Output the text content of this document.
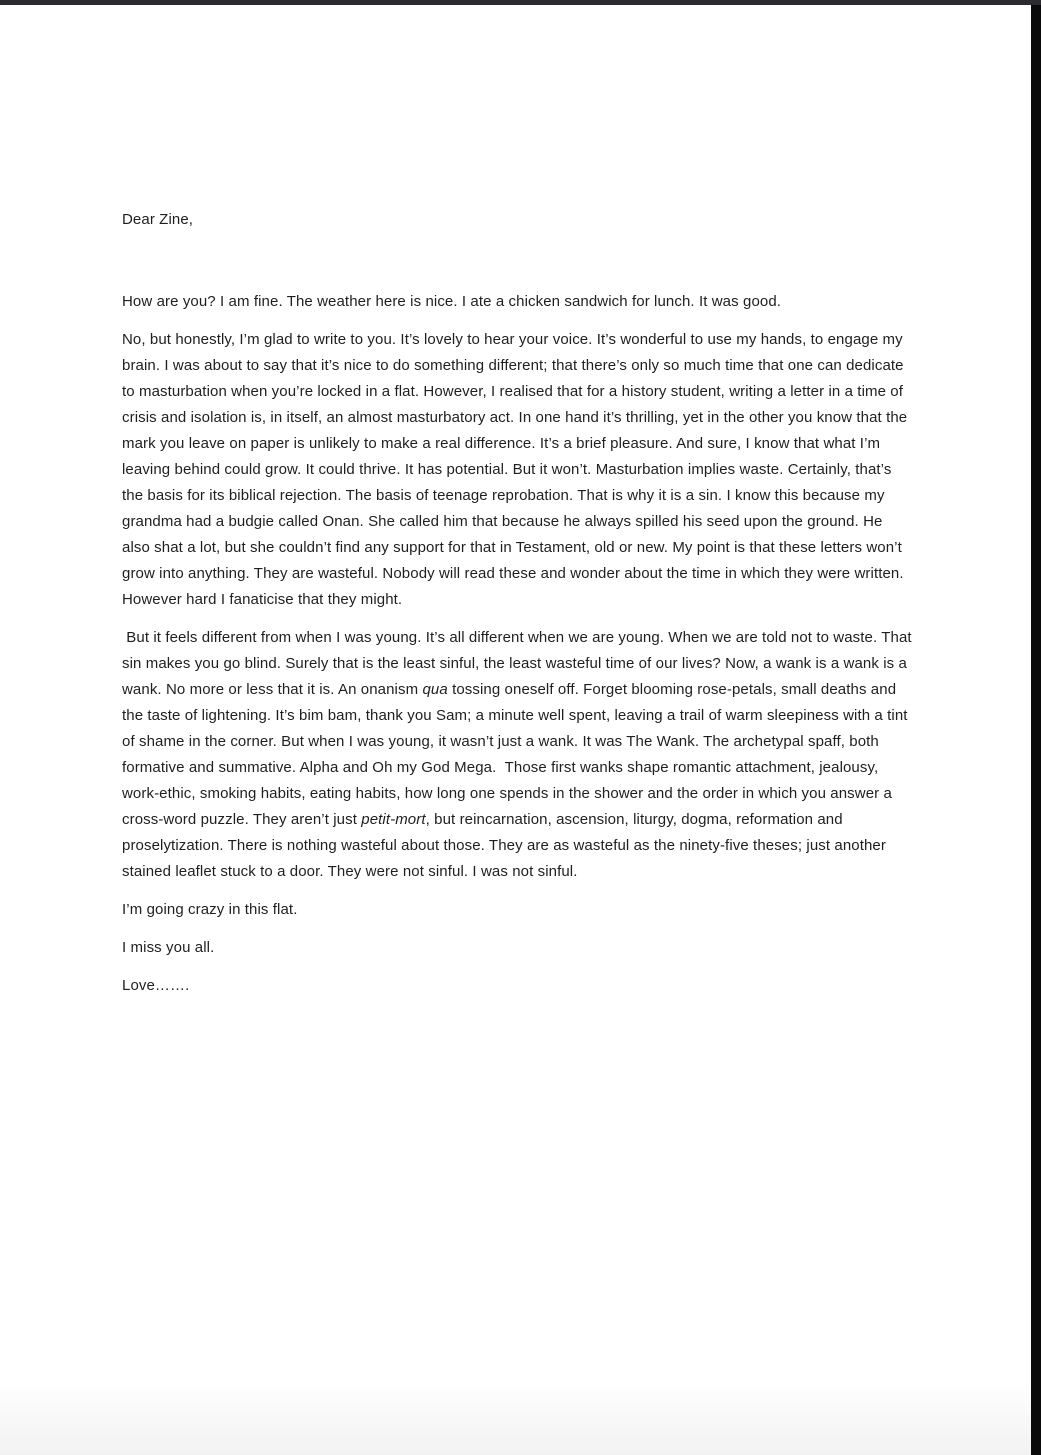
Dear Zine,

How are you? I am fine. The weather here is nice. I ate a chicken sandwich for lunch. It was good.

No, but honestly, I’m glad to write to you. It’s lovely to hear your voice. It’s wonderful to use my hands, to engage my brain. I was about to say that it’s nice to do something different; that there’s only so much time that one can dedicate to masturbation when you’re locked in a flat. However, I realised that for a history student, writing a letter in a time of crisis and isolation is, in itself, an almost masturbatory act. In one hand it’s thrilling, yet in the other you know that the mark you leave on paper is unlikely to make a real difference. It’s a brief pleasure. And sure, I know that what I’m leaving behind could grow. It could thrive. It has potential. But it won’t. Masturbation implies waste. Certainly, that’s the basis for its biblical rejection. The basis of teenage reprobation. That is why it is a sin. I know this because my grandma had a budgie called Onan. She called him that because he always spilled his seed upon the ground. He also shat a lot, but she couldn’t find any support for that in Testament, old or new. My point is that these letters won’t grow into anything. They are wasteful. Nobody will read these and wonder about the time in which they were written. However hard I fanaticise that they might.

But it feels different from when I was young. It’s all different when we are young. When we are told not to waste. That sin makes you go blind. Surely that is the least sinful, the least wasteful time of our lives? Now, a wank is a wank is a wank. No more or less that it is. An onanism qua tossing oneself off. Forget blooming rose-petals, small deaths and the taste of lightening. It’s bim bam, thank you Sam; a minute well spent, leaving a trail of warm sleepiness with a tint of shame in the corner. But when I was young, it wasn’t just a wank. It was The Wank. The archetypal spaff, both formative and summative. Alpha and Oh my God Mega.  Those first wanks shape romantic attachment, jealousy, work-ethic, smoking habits, eating habits, how long one spends in the shower and the order in which you answer a cross-word puzzle. They aren’t just petit-mort, but reincarnation, ascension, liturgy, dogma, reformation and proselytization. There is nothing wasteful about those. They are as wasteful as the ninety-five theses; just another stained leaflet stuck to a door. They were not sinful. I was not sinful.

I’m going crazy in this flat.

I miss you all.

Love…….
